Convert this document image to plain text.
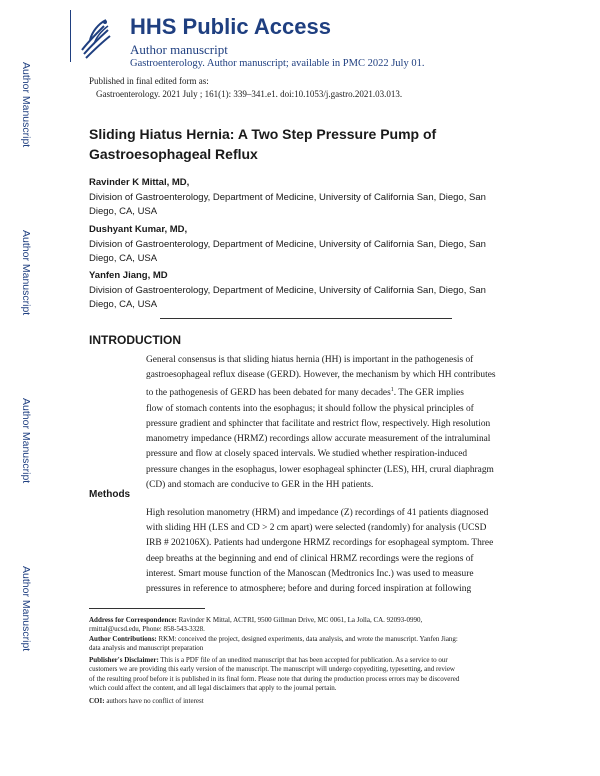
Author Manuscript
Author Manuscript
Author Manuscript
Author Manuscript
HHS Public Access
Author manuscript
Gastroenterology. Author manuscript; available in PMC 2022 July 01.
Published in final edited form as:
Gastroenterology. 2021 July ; 161(1): 339–341.e1. doi:10.1053/j.gastro.2021.03.013.
Sliding Hiatus Hernia: A Two Step Pressure Pump of
Gastroesophageal Reflux
Ravinder K Mittal, MD,
Division of Gastroenterology, Department of Medicine, University of California San, Diego, San
Diego, CA, USA
Dushyant Kumar, MD,
Division of Gastroenterology, Department of Medicine, University of California San, Diego, San
Diego, CA, USA
Yanfen Jiang, MD
Division of Gastroenterology, Department of Medicine, University of California San, Diego, San
Diego, CA, USA
INTRODUCTION
General consensus is that sliding hiatus hernia (HH) is important in the pathogenesis of
gastroesophageal reflux disease (GERD). However, the mechanism by which HH contributes
to the pathogenesis of GERD has been debated for many decades$^1$. The GER implies
flow of stomach contents into the esophagus; it should follow the physical principles of
pressure gradient and sphincter that facilitate and restrict flow, respectively. High resolution
manometry impedance (HRMZ) recordings allow accurate measurement of the intraluminal
pressure and flow at closely spaced intervals. We studied whether respiration-induced
pressure changes in the esophagus, lower esophageal sphincter (LES), HH, crural diaphragm
(CD) and stomach are conducive to GER in the HH patients.
Methods
High resolution manometry (HRM) and impedance (Z) recordings of 41 patients diagnosed
with sliding HH (LES and CD > 2 cm apart) were selected (randomly) for analysis (UCSD
IRB # 202106X). Patients had undergone HRMZ recordings for esophageal symptom. Three
deep breaths at the beginning and end of clinical HRMZ recordings were the regions of
interest. Smart mouse function of the Manoscan (Medtronics Inc.) was used to measure
pressures in reference to atmosphere; before and during forced inspiration at following
Address for Correspondence: Ravinder K Mittal, ACTRI, 9500 Gillman Drive, MC 0061, La Jolla, CA. 92093-0990,
rmittal@ucsd.edu, Phone: 858-543-3328.
Author Contributions: RKM: conceived the project, designed experiments, data analysis, and wrote the manuscript. Yanfen Jiang:
data analysis and manuscript preparation
Publisher's Disclaimer: This is a PDF file of an unedited manuscript that has been accepted for publication. As a service to our
customers we are providing this early version of the manuscript. The manuscript will undergo copyediting, typesetting, and review
of the resulting proof before it is published in its final form. Please note that during the production process errors may be discovered
which could affect the content, and all legal disclaimers that apply to the journal pertain.
COI: authors have no conflict of interest
